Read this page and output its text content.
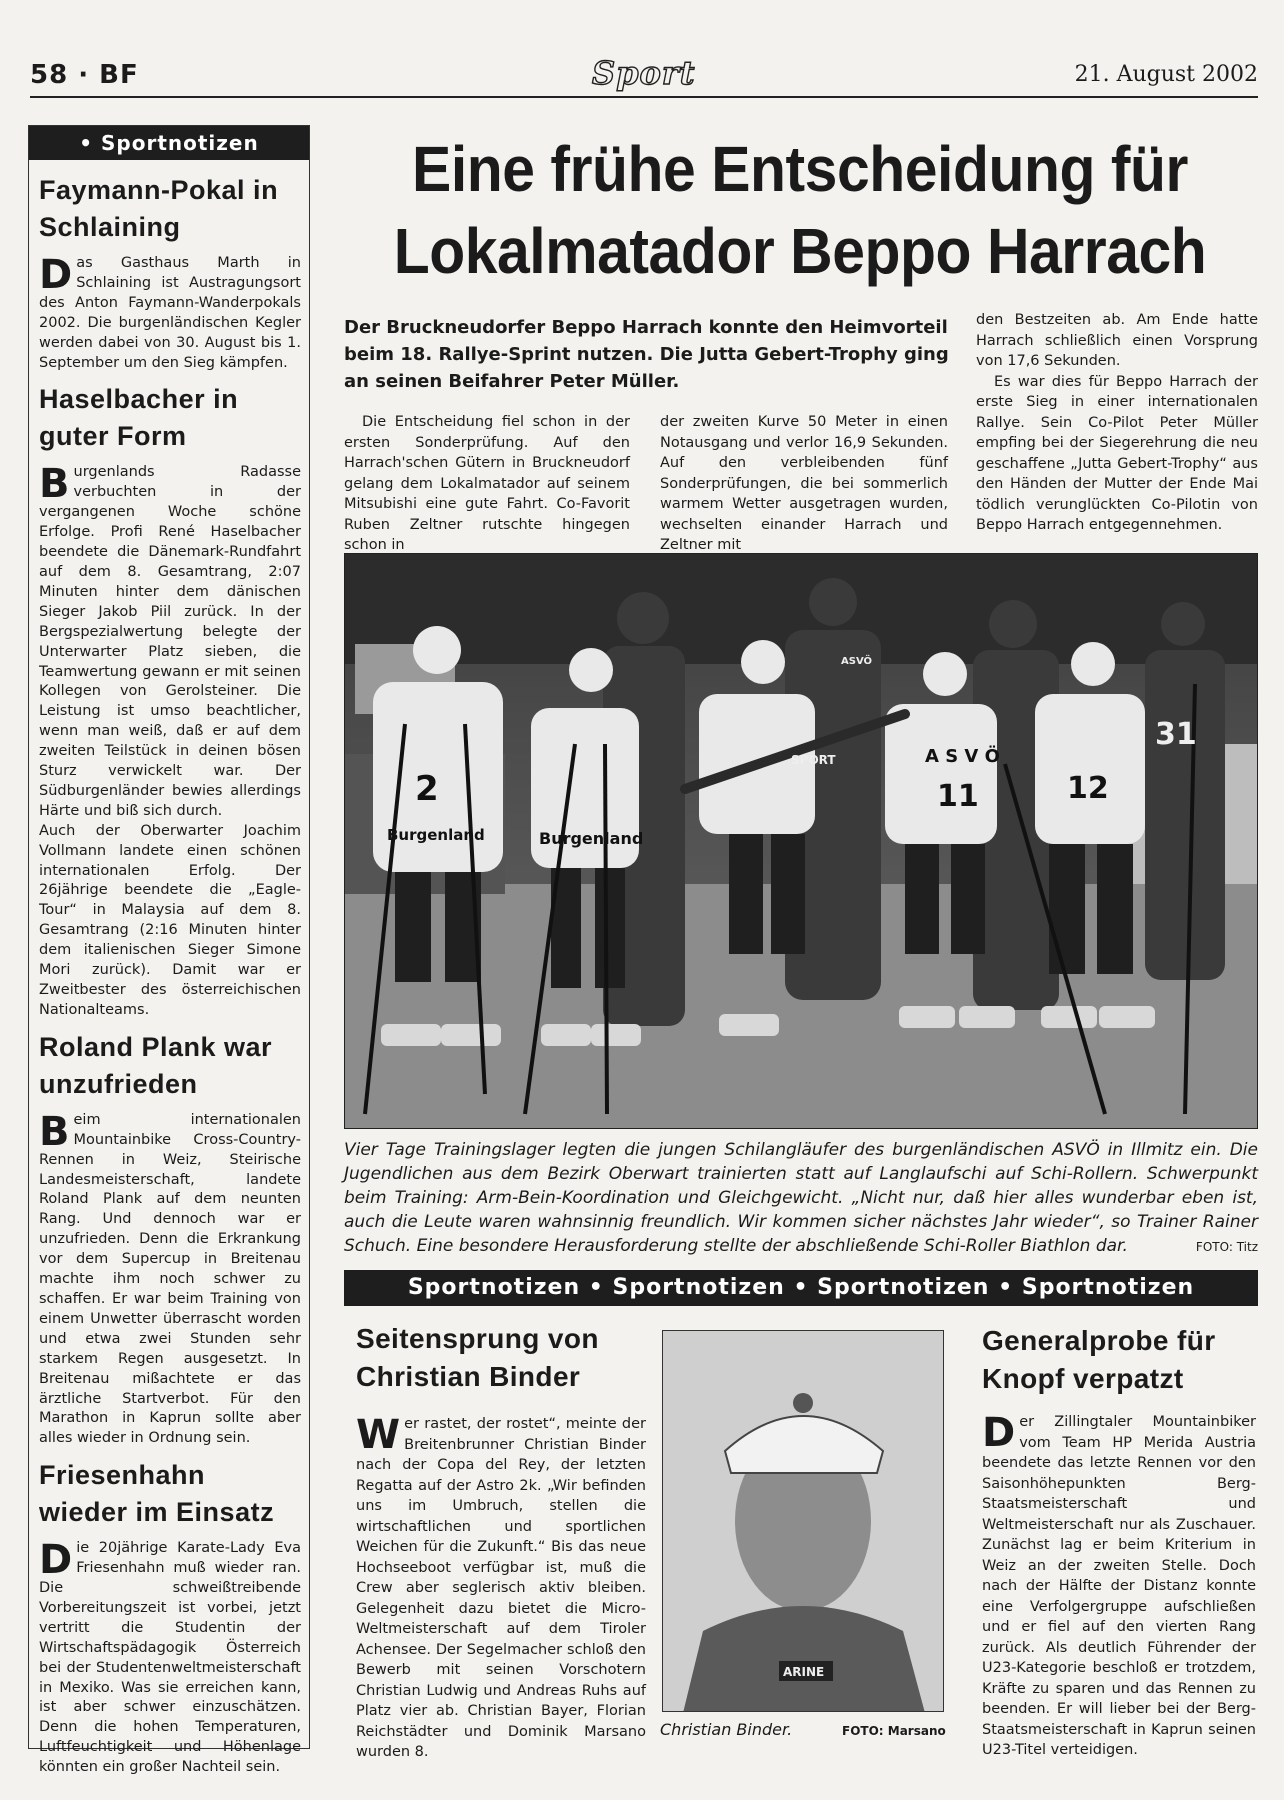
58 · BF	Sport	21. August 2002
• Sportnotizen
Faymann-Pokal in Schlaining

Das Gasthaus Marth in Schlaining ist Austragungsort des Anton Faymann-Wanderpokals 2002. Die burgenländischen Kegler werden dabei von 30. August bis 1. September um den Sieg kämpfen.

Haselbacher in guter Form

Burgenlands Radasse verbuchten in der vergangenen Woche schöne Erfolge. Profi René Haselbacher beendete die Dänemark-Rundfahrt auf dem 8. Gesamtrang, 2:07 Minuten hinter dem dänischen Sieger Jakob Piil zurück. In der Bergspezialwertung belegte der Unterwarter Platz sieben, die Teamwertung gewann er mit seinen Kollegen von Gerolsteiner. Die Leistung ist umso beachtlicher, wenn man weiß, daß er auf dem zweiten Teilstück in deinen bösen Sturz verwickelt war. Der Südburgenländer bewies allerdings Härte und biß sich durch.

Auch der Oberwarter Joachim Vollmann landete einen schönen internationalen Erfolg. Der 26jährige beendete die „Eagle-Tour“ in Malaysia auf dem 8. Gesamtrang (2:16 Minuten hinter dem italienischen Sieger Simone Mori zurück). Damit war er Zweitbester des österreichischen Nationalteams.

Roland Plank war unzufrieden

Beim internationalen Mountainbike Cross-Country-Rennen in Weiz, Steirische Landesmeisterschaft, landete Roland Plank auf dem neunten Rang. Und dennoch war er unzufrieden. Denn die Erkrankung vor dem Supercup in Breitenau machte ihm noch schwer zu schaffen. Er war beim Training von einem Unwetter überrascht worden und etwa zwei Stunden sehr starkem Regen ausgesetzt. In Breitenau mißachtete er das ärztliche Startverbot. Für den Marathon in Kaprun sollte aber alles wieder in Ordnung sein.

Friesenhahn wieder im Einsatz

Die 20jährige Karate-Lady Eva Friesenhahn muß wieder ran. Die schweißtreibende Vorbereitungszeit ist vorbei, jetzt vertritt die Studentin der Wirtschaftspädagogik Österreich bei der Studentenweltmeisterschaft in Mexiko. Was sie erreichen kann, ist aber schwer einzuschätzen. Denn die hohen Temperaturen, Luftfeuchtigkeit und Höhenlage könnten ein großer Nachteil sein.

Eine frühe Entscheidung für Lokalmatador Beppo Harrach
Der Bruckneudorfer Beppo Harrach konnte den Heimvorteil beim 18. Rallye-Sprint nutzen. Die Jutta Gebert-Trophy ging an seinen Beifahrer Peter Müller.
Die Entscheidung fiel schon in der ersten Sonderprüfung. Auf den Harrach'schen Gütern in Bruckneudorf gelang dem Lokalmatador auf seinem Mitsubishi eine gute Fahrt. Co-Favorit Ruben Zeltner rutschte hingegen schon in
der zweiten Kurve 50 Meter in einen Notausgang und verlor 16,9 Sekunden. Auf den verbleibenden fünf Sonderprüfungen, die bei sommerlich warmem Wetter ausgetragen wurden, wechselten einander Harrach und Zeltner mit

den Bestzeiten ab. Am Ende hatte Harrach schließlich einen Vorsprung von 17,6 Sekunden.

Es war dies für Beppo Harrach der erste Sieg in einer internationalen Rallye. Sein Co-Pilot Peter Müller empfing bei der Siegerehrung die neu geschaffene „Jutta Gebert-Trophy“ aus den Händen der Mutter der Ende Mai tödlich verunglückten Co-Pilotin von Beppo Harrach entgegennehmen.

2
Burgenland	Burgenland
A S V Ö
11	12
31
ASVÖ
SPORT
Vier Tage Trainingslager legten die jungen Schilangläufer des burgenländischen ASVÖ in Illmitz ein. Die Jugendlichen aus dem Bezirk Oberwart trainierten statt auf Langlaufschi auf Schi-Rollern. Schwerpunkt beim Training: Arm-Bein-Koordination und Gleichgewicht. „Nicht nur, daß hier alles wunderbar eben ist, auch die Leute waren wahnsinnig freundlich. Wir kommen sicher nächstes Jahr wieder“, so Trainer Rainer Schuch. Eine besondere Herausforderung stellte der abschließende Schi-Roller Biathlon dar.	FOTO: Titz
Sportnotizen • Sportnotizen • Sportnotizen • Sportnotizen
Seitensprung von Christian Binder

Wer rastet, der rostet“, meinte der Breitenbrunner Christian Binder nach der Copa del Rey, der letzten Regatta auf der Astro 2k. „Wir befinden uns im Umbruch, stellen die wirtschaftlichen und sportlichen Weichen für die Zukunft.“ Bis das neue Hochseeboot verfügbar ist, muß die Crew aber seglerisch aktiv bleiben. Gelegenheit dazu bietet die Micro-Weltmeisterschaft auf dem Tiroler Achensee. Der Segelmacher schloß den Bewerb mit seinen Vorschotern Christian Ludwig und Andreas Ruhs auf Platz vier ab. Christian Bayer, Florian Reichstädter und Dominik Marsano wurden 8.

ARINE
Christian Binder.	FOTO: Marsano
Generalprobe für Knopf verpatzt

Der Zillingtaler Mountainbiker vom Team HP Merida Austria beendete das letzte Rennen vor den Saisonhöhepunkten Berg-Staatsmeisterschaft und Weltmeisterschaft nur als Zuschauer. Zunächst lag er beim Kriterium in Weiz an der zweiten Stelle. Doch nach der Hälfte der Distanz konnte eine Verfolgergruppe aufschließen und er fiel auf den vierten Rang zurück. Als deutlich Führender der U23-Kategorie beschloß er trotzdem, Kräfte zu sparen und das Rennen zu beenden. Er will lieber bei der Berg-Staatsmeisterschaft in Kaprun seinen U23-Titel verteidigen.
